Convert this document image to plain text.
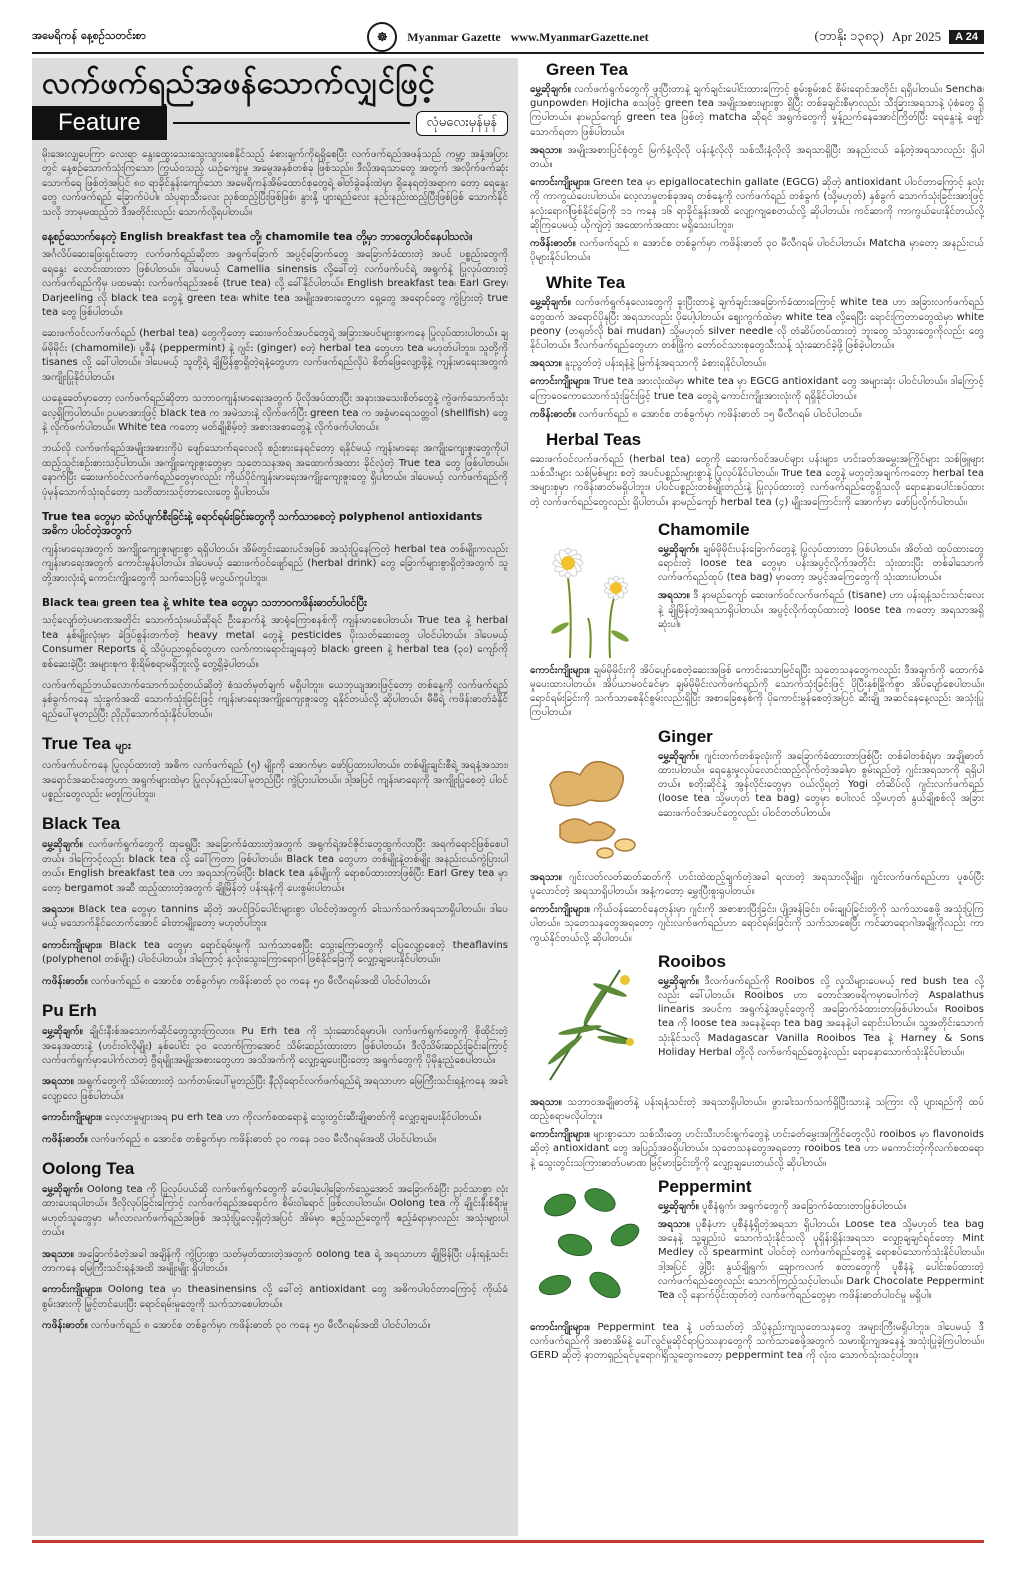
အမေရိကန် နေ့စဉ်သတင်းစာ	☸	Myanmar Gazette www.MyanmarGazette.net	(ဘာနိုး ၁၃၈၃) Apr 2025	A 24
လက်ဖက်ရည်အဖန်သောက်လျှင်ဖြင့်
Feature	လုံမလေးမှန်မှန်

မိုးအေးလျှပေကြာ လေးရာ နွေးထွေးသေးသွေးသွားစေနိုင်သည့် ခံစားချက်ကိုရရှိစေပြီး လက်ဖက်ရည်အဖန်သည် ကမ္ဘာ့ အနှံ့အပြားတွင် နေ့စဉ်သောက်သုံးကြသော ကြွယ်ဝသည့် ယဉ်ကျေးမှု အမွေအနှစ်တစ်ခု ဖြစ်သည်။ ဒီလိုအရသာတွေ အတွက် အလိုက်ဖက်ဆုံး သောက်ရေ ဖြစ်တဲ့အပြင် ၈၀ ရာခိုင်နှုန်းကျော်သော အမေရိကန်အိမ်ထောင်စုတွေရဲ့ ဓါတ်ခွဲခန်းထဲမှာ ရှိနေရတဲ့အရာက တော့ ရေနွေးတွေ လက်ဖက်ရည် ခြောက်ပဲပါ။ သံပုရာသီးလေး ညှစ်ထည့်ပြီးဖြစ်ဖြစ်၊ နွားနို့ ပျားရည်လေး နည်းနည်းထည့်ပြီးဖြစ်ဖြစ် သောက်နိုင်သလို ဘာမှမထည့်ဘဲ ဒီအတိုင်းလည်း သောက်လို့ရပါတယ်။

နေ့စဉ်သောက်နေတဲ့ English breakfast tea တို့၊ chamomile tea တို့မှာ ဘာတွေပါဝင်နေပါသလဲ။

အင်္ဂလိပ်ဆေးဖြေးရှင်းတော့ လက်ဖက်ရည်ဆိုတာ အရွက်ခြောက် အပွင့်ခြောက်တွေ အခြောက်ခံထားတဲ့ အပင် ပစ္စည်းတွေကို ရေနွေး လောင်းထားတာ ဖြစ်ပါတယ်။ ဒါပေမယ့် Camellia sinensis လို့ခေါ်တဲ့ လက်ဖက်ပင်ရဲ့ အရွက်နဲ့ ပြုလုပ်ထားတဲ့ လက်ဖက်ရည်ကိုမှ ပထမဆုံး လက်ဖက်ရည်အစစ် (true tea) လို့ ခေါ်နိုင်ပါတယ်။ English breakfast tea၊ Earl Grey၊ Darjeeling လို black tea တွေနဲ့ green tea၊ white tea အမျိုးအစားတွေဟာ ရှေ့တွေ အရောင်တွေ ကွဲပြားတဲ့ true tea တွေ ဖြစ်ပါတယ်။

ဆေးဖက်ဝင်လက်ဖက်ရည် (herbal tea) တွေကိုတော့ ဆေးဖက်ဝင်အပင်တွေရဲ့ အခြားအပင်များစွာကနေ ပြုလုပ်ထားပါတယ်။ ချမ်မိုမိုင်း (chamomile)၊ ပူစီနံ (peppermint) နဲ့ ဂျင်း (ginger) စတဲ့ herbal tea တွေဟာ tea မဟုတ်ပါဘူး။ သူတို့ကို tisanes လို့ ခေါ်ပါတယ်။ ဒါပေမယ့် သူတို့ရဲ့ ချိုမြိန်စွာရှိတဲ့ရနံ့တွေဟာ လက်ဖက်ရည်လိုပဲ စိတ်ဖြေလျော့ဖို့နဲ့ ကျန်းမာရေးအတွက် အကျိုးပြုနိုင်ပါတယ်။

ယနေ့ခေတ်မှာတော့ လက်ဖက်ရည်ဆိုတာ သဘာဝကျန်းမာရေးအတွက် ပိုလိုအပ်ထားပြီး အနားအသေးစိတ်တွေနဲ့ ကွဲဖက်သောက်သုံးလေ့ရှိကြပါတယ်။ ဥပမာအားဖြင့် black tea က အမဲသားနဲ့ လိုက်ဖက်ပြီး green tea က အခွံမာရေသတ္တဝါ (shellfish) တွေနဲ့ လိုက်ဖက်ပါတယ်။ White tea ကတော့ မတ်ချိုစိမ့်တဲ့ အစားအစာတွေနဲ့ လိုက်ဖက်ပါတယ်။

ဘယ်လို လက်ဖက်ရည်အမျိုးအစားကိုပဲ ဖျော်သောက်ရလေလို စဉ်းစားနေရင်တော့ ရနိုင်မယ့် ကျန်းမာရေး အကျိုးကျေးဇူးတွေကိုပါ ထည့်သွင်းစဉ်းစားသင့်ပါတယ်။ အကျိုးကျေးဇူးတွေမှာ သုတေသနအရ အထောက်အထား ခိုင်လုံတဲ့ True tea တွေ ဖြစ်ပါတယ်။ နောက်ပြီး ဆေးဖက်ဝင်လက်ဖက်ရည်တွေမှာလည်း ကိုယ်ပိုင်ကျန်းမာရေးအကျိုးကျေးဇူးတွေ ရှိပါတယ်။ ဒါပေမယ့် လက်ဖက်ရည်ကို ပုံမှန်သောက်သုံးရင်တော့ သတိထားသင့်တာလေးတွေ ရှိပါတယ်။

True tea တွေမှာ ဆဲလ်ပျက်စီးခြင်းနဲ့ ရောင်ရမ်းခြင်းတွေကို သက်သာစေတဲ့ polyphenol antioxidants အဓိက ပါဝင်တဲ့အတွက်

ကျန်းမာရေးအတွက် အကျိုးကျေးဇူးများစွာ ရရှိပါတယ်။ အိမ်တွင်းဆေးပင်အဖြစ် အသုံးပြုနေကြတဲ့ herbal tea တစ်မျိုးကလည်း ကျန်းမာရေးအတွက် ကောင်းမွန်ပါတယ်။ ဒါပေမယ့် ဆေးဖက်ဝင်ဖျော်ရည် (herbal drink) တွေ ခြောက်များစွာရှိတဲ့အတွက် သူတို့အားလုံးရဲ့ ကောင်းကျိုးတွေကို သက်သေပြဖို့ မလွယ်ကူပါဘူး။

Black tea၊ green tea နဲ့ white tea တွေမှာ သဘာဝကဖိန်းဓာတ်ပါဝင်ပြီး

သင့်လျော်တဲ့ပမာဏအတိုင်း သောက်သုံးမယ်ဆိုရင် ဦးနှောက်နဲ့ အာရုံကြောစနစ်ကို ကျန်းမာစေပါတယ်။ True tea နဲ့ herbal tea နှစ်မျိုးလုံးမှာ ခဲဒြပ်စွန်းတက်တဲ့ heavy metal တွေနဲ့ pesticides ပိုးသတ်ဆေးတွေ ပါဝင်ပါတယ်။ ဒါပေမယ့် Consumer Reports ရဲ့ သိပ္ပံပညာရှင်တွေဟာ လက်ကားရောင်းချနေတဲ့ black၊ green နဲ့ herbal tea (၃၀) ကျော်ကို စစ်ဆေးခဲ့ပြီး အများစုက စိုးရိမ်စရာမရှိဘူးလို့ တွေ့ရှိခဲ့ပါတယ်။

လက်ဖက်ရည်ဘယ်လောက်သောက်သင့်တယ်ဆိုတဲ့ စံသတ်မှတ်ချက် မရှိပါဘူး။ ယေဘုယျအားဖြင့်တော့ တစ်နေ့ကို လက်ဖက်ရည် နှစ်ခွက်ကနေ သုံးခွက်အထိ သောက်သုံးခြင်းဖြင့် ကျန်းမာရေးအကျိုးကျေးဇူးတွေ ရနိုင်တယ်လို့ ဆိုပါတယ်။ မီမီရဲ့ ကဖိန်းဓာတ်ခံနိုင်ရည်ပေါ်မူတည်ပြီး ညှိညှိသောက်သုံးနိုင်ပါတယ်။

True Tea များ

လက်ဖက်ပင်ကနေ ပြုလုပ်ထားတဲ့ အဓိက လက်ဖက်ရည် (၅) မျိုးကို အောက်မှာ ဖော်ပြထားပါတယ်။ တစ်မျိုးချင်းစီရဲ့ အရနံ့အသား၊ အရောင်အဆင်းတွေဟာ အရွက်များထဲမှာ ပြုလုပ်နည်းပေါ်မူတည်ပြီး ကွဲပြားပါတယ်။ ဒါ့အပြင် ကျန်းမာရေးကို အကျိုးပြုစေတဲ့ ပါဝင်ပစ္စည်းတွေလည်း မတူကြပါဘူး။

Black Tea

မွှေ့ဆိုချက်။ လက်ဖက်ရွက်တွေကို ထုရွေ့ပြီး အခြောက်ခံထားတဲ့အတွက် အရွက်ရဲ့အင်ဇိုင်းတွေထွက်လာပြီး အရက်ရောင်ဖြစ်စေပါတယ်။ ဒါကြောင့်လည်း black tea လို့ ခေါ်ကြတာ ဖြစ်ပါတယ်။ Black tea တွေဟာ တစ်မျိုးနဲ့တစ်မျိုး အနည်းငယ်ကွဲပြားပါတယ်။ English breakfast tea ဟာ အရသာကြမ်းပြီး black tea နှစ်မျိုးကို ရောစပ်ထားတာဖြစ်ပြီး Earl Grey tea မှာတော့ bergamot အဆီ ထည့်ထားတဲ့အတွက် ချိုမြိန်တဲ့ ပန်းရနံ့ကို ပေးစွမ်းပါတယ်။

အရသာ။ Black tea တွေမှာ tannins ဆိုတဲ့ အပင်ဒြပ်ပေါင်းများစွာ ပါဝင်တဲ့အတွက် ခါးသက်သက်အရသာရှိပါတယ်။ ဒါပေမယ့် မသောက်နိုင်လောက်အောင် ခါးတာမျိုးတော့ မဟုတ်ပါဘူး။

ကောင်းကျိုးများ။ Black tea တွေမှာ ရောင်ရမ်းမှုကို သက်သာစေပြီး သွေးကြောတွေကို ပြေလျော့စေတဲ့ theaflavins (polyphenol တစ်မျိုး) ပါဝင်ပါတယ်။ ဒါကြောင့် နှလုံးသွေးကြောရောဂါ ဖြစ်နိုင်ခြေကို လျှော့ချပေးနိုင်ပါတယ်။

ကဖိန်းဓာတ်။ လက်ဖက်ရည် ၈ အောင်စ တစ်ခွက်မှာ ကဖိန်းဓာတ် ၃၀ ကနေ ၅၀ မီလီဂရမ်အထိ ပါဝင်ပါတယ်။

Pu Erh

မွှေ့ဆိုချက်။ ချိုင်းနီးစ်အသောက်ဆိုင်တွေသွားကြလား။ Pu Erh tea ကို သုံးဆောင်ရမှာပါ။ လက်ဖက်ရွက်တွေကို စိုထိုင်းတဲ့အနေအထားနဲ့ (ဟင်းဝါလိုမျိုး) နှစ်ပေါင်း ၃၀ လောက်ကြာအောင် သိမ်းဆည်းထားတာ ဖြစ်ပါတယ်။ ဒီလိုသိမ်းဆည်းခြင်းကြောင့် လက်ဖက်ရွက်မှာပေါက်လာတဲ့ ဗွီရမျိုးအမျိုးအစားတွေဟာ အသိအက်ကို လျှော့ချပေးပြီးတော့ အရွက်တွေကို ပိုမိုနူးညံ့စေပါတယ်။

အရသာ။ အရွက်တွေကို သိမ်းထားတဲ့ သက်တမ်းပေါ်မူတည်ပြီး နီညိုရောင်လက်ဖက်ရည်ရဲ့ အရသာဟာ မြေကြီးသင်းရနံ့ကနေ အခါးလျော့လေ ဖြစ်ပါတယ်။

ကောင်းကျိုးများ။ လေ့လာမှုများအရ pu erh tea ဟာ ကိုလက်စထရောနဲ့ သွေးတွင်းဆီးချိုဓာတ်ကို လျှော့ချပေးနိုင်ပါတယ်။

ကဖိန်းဓာတ်။ လက်ဖက်ရည် ၈ အောင်စ တစ်ခွက်မှာ ကဖိန်းဓာတ် ၃၀ ကနေ ၁၀၀ မီလီဂရမ်အထိ ပါဝင်ပါတယ်။

Oolong Tea

မွှေ့ဆိုချက်။ Oolong tea ကို ပြုလုပ်ပယ်ဆို လက်ဖက်ရွက်တွေကို ခပ်ပေါ့ပေါ့ခြောက်သွေ့အောင် အခြောက်ခံပြီး ညှင်သာစွာ လုံးထားပေးရပါတယ်။ ဒီလိုလုပ်ခြင်းကြောင့် လက်ဖက်ရည်အရောင်က စိမ်းဝါရောင် ဖြစ်လာပါတယ်။ Oolong tea ကို ချိုင်းနီးစ်ရီးမှု မဟုတ်သူတွေမှာ မင်္ဂလာလက်ဖက်ရည်အဖြစ် အသုံးပြုလေ့ရှိတဲ့အပြင် အိမ်မှာ ဧည့်သည်တွေကို ဧည့်ခံရာမှာလည်း အသုံးများပါတယ်။

အရသာ။ အခြောက်ခံတဲ့အခါ အချိန်ကို ကွဲပြားစွာ သတ်မှတ်ထားတဲ့အတွက် oolong tea ရဲ့ အရသာဟာ ချိုမြိန်ပြီး ပန်းရနံ့သင်းတာကနေ မြေကြီးသင်းရနံ့အထိ အမျိုးမျိုး ရှိပါတယ်။

ကောင်းကျိုးများ။ Oolong tea မှာ theasinensins လို့ ခေါ်တဲ့ antioxidant တွေ အဓိကပါဝင်တာကြောင့် ကိုယ်ခံစွမ်းအားကို မြှင့်တင်ပေးပြီး ရောင်ရမ်းမှုတွေကို သက်သာစေပါတယ်။

ကဖိန်းဓာတ်။ လက်ဖက်ရည် ၈ အောင်စ တစ်ခွက်မှာ ကဖိန်းဓာတ် ၃၀ ကနေ ၅၀ မီလီဂရမ်အထိ ပါဝင်ပါတယ်။

Green Tea

မွှေ့ဆိုချက်။ လက်ဖက်ရွက်တွေကို ဖူးပြီးတာနဲ့ ချက်ချင်းပေါင်းထားကြောင့် စွမ်းစွမ်းစင် စိမ်းရောင်အတိုင်း ရရှိပါတယ်။ Sencha၊ gunpowder၊ Hojicha စသဖြင့် green tea အမျိုးအစားများစွာ ရှိပြီး တစ်ခုချင်းစီမှာလည်း သီးခြားအရသာနဲ့ ပုံစံတွေ ရှိကြပါတယ်။ နာမည်ကျော် green tea ဖြစ်တဲ့ matcha ဆိုရင် အရွက်တွေကို မှုန့်ညက်နေအောင်ကြိတ်ပြီး ရေနွေးနဲ့ ဖျော်သောက်ရတာ ဖြစ်ပါတယ်။

အရသာ။ အမျိုးအစားပြင်စုံတွင် မြက်နံ့လိုလို ပန်းနံ့လိုလို သစ်သီးနံ့လိုလို အရသာရှိပြီး အနည်းငယ် ခန့်တဲ့အရသာလည်း ရှိပါတယ်။

ကောင်းကျိုးများ။ Green tea မှာ epigallocatechin gallate (EGCG) ဆိုတဲ့ antioxidant ပါဝင်တာကြောင့် နှလုံးကို ကာကွယ်ပေးပါတယ်။ လေ့လာမှုတစ်ခုအရ တစ်နေ့ကို လက်ဖက်ရည် တစ်ခွက် (သို့မဟုတ်) နှစ်ခွက် သောက်သုံးခြင်းအားဖြင့် နှလုံးရောဂါဖြစ်နိုင်ခြေကို ၁၁ ကနေ ၁၆ ရာခိုင်နှုန်းအထိ လျော့ကျစေတယ်လို့ ဆိုပါတယ်။ ကင်ဆာကို ကာကွယ်ပေးနိုင်တယ်လို့ ဆိုကြပေမယ့် ယိုကျဲတဲ့ အထောက်အထား မရှိသေးပါဘူး။

ကဖိန်းဓာတ်။ လက်ဖက်ရည် ၈ အောင်စ တစ်ခွက်မှာ ကဖိန်းဓာတ် ၃၀ မီလီဂရမ် ပါဝင်ပါတယ်။ Matcha မှာတော့ အနည်းငယ်ပိုများနိုင်ပါတယ်။

White Tea

မွှေ့ဆိုချက်။ လက်ဖက်ရွက်နုလေးတွေကို ခူးပြီးတာနဲ့ ချက်ချင်းအခြောက်ခံထားကြောင့် white tea ဟာ အခြားလက်ဖက်ရည်တွေထက် အရောင်ပိုနုပြီး အရသာလည်း ပိုပေါ့ပါတယ်။ ဈေးကွက်ထဲမှာ white tea လို့ရေပြီး ရောင်းကြတာတွေထဲမှာ white peony (တရုတ်လို bai mudan) သို့မဟုတ် silver needle လို တံဆိပ်တပ်ထားတဲ့ ဘူးတွေ သံသွားတွေကိုလည်း တွေ့နိုင်ပါတယ်။ ဒီလက်ဖက်ရည်တွေဟာ တစ်ဖြိုက တော်ဝင်သားစုတွေသီးသန့် သုံးဆောင်ခဲ့ဖို့ ဖြစ်ခဲ့ပါတယ်။

အရသာ။ နူးညွတ်တဲ့ ပန်းရနံ့နဲ့ မြက်နံ့အရသာကို ခံစားရနိုင်ပါတယ်။

ကောင်းကျိုးများ။ True tea အားလုံးထဲမှာ white tea မှာ EGCG antioxidant တွေ အများဆုံး ပါဝင်ပါတယ်။ ဒါကြောင့် ကြောဝေကောသောက်သုံးခြင်းဖြင့် true tea တွေရဲ့ ကောင်းကျိုးအားလုံးကို ရရှိနိုင်ပါတယ်။

ကဖိန်းဓာတ်။ လက်ဖက်ရည် ၈ အောင်စ တစ်ခွက်မှာ ကဖိန်းဓာတ် ၁၅ မီလီဂရမ် ပါဝင်ပါတယ်။

Herbal Teas

ဆေးဖက်ဝင်လက်ဖက်ရည် (herbal tea) တွေကို ဆေးဖက်ဝင်အပင်များ ပန်းများ၊ ဟင်းခတ်အမွှေးအကြိုင်များ သစ်ဖြူများ သစ်သီးများ သစ်မြစ်များ စတဲ့ အပင်ပစ္စည်းများစွာနဲ့ ပြုလုပ်နိုင်ပါတယ်။ True tea တွေနဲ့ မတူတဲ့အချက်ကတော့ herbal tea အများစုမှာ ကဖိန်းဓာတ်မရှိပါဘူး။ ပါဝင်ပစ္စည်းတစ်မျိုးတည်းနဲ့ ပြုလုပ်ထားတဲ့ လက်ဖက်ရည်တွေရှိသလို ရောနှောပေါင်းစပ်ထားတဲ့ လက်ဖက်ရည်တွေလည်း ရှိပါတယ်။ နာမည်ကျော် herbal tea (၄) မျိုးအကြောင်းကို အောက်မှာ ဖော်ပြလိုက်ပါတယ်။

Chamomile

မွှေ့ဆိုချက်။ ချမ်မိုမိုင်းပန်းခြောက်တွေနဲ့ ပြုလုပ်ထားတာ ဖြစ်ပါတယ်။ အိတ်ထဲ ထုပ်ထားတွေရောင်းတဲ့ loose tea တွေမှာ ပန်းအပွင့်လိုက်အတိုင်း သုံးထားပြီး တစ်ခါသောက်လက်ဖက်ရည်ထုပ် (tea bag) မှာတော့ အပွင့်အကြေတွေကို သုံးထားပါတယ်။

အရသာ။ ဒီ နာမည်ကျော် ဆေးဖက်ဝင်လက်ဖက်ရည် (tisane) ဟာ ပန်းရနံ့သင်းသင်းလေးနဲ့ ချိုမြိန်တဲ့အရသာရှိပါတယ်။ အပွင့်လိုက်ထုပ်ထားတဲ့ loose tea ကတော့ အရသာအရှိဆုံးပါ။

ကောင်းကျိုးများ။ ချမ်မိုမိုင်းကို အိပ်ပျော်စေတဲ့ဆေးအဖြစ် ကောင်းသောမြင်ရပြီး သုတေသနတွေကလည်း ဒီအချက်ကို ထောက်ခံမှုပေးထားပါတယ်။ အိပ်ယာမဝင်ခင်မှာ ချမ်မိုမိုင်းလက်ဖက်ရည်ကို သောက်သုံးခြင်းဖြင့် ပိုပြီးနှစ်ခြိုက်စွာ အိပ်ပျော်စေပါတယ်။ ရောင်ရမ်းခြင်းကို သက်သာစေနိုင်စွမ်းလည်းရှိပြီး အစာခြေစနစ်ကို ပိုကောင်းမွန်စေတဲ့အပြင် ဆီးချို အဆင်နေနေ့လည်း အသုံးပြုကြပါတယ်။

Ginger

မွှေ့ဆိုချက်။ ဂျင်းတက်တစ်ခုလုံးကို အခြောက်ခံထားတာဖြစ်ပြီး တစ်ခါတစ်ရံမှာ အချိုဓာတ်ထားပါတယ်။ ရေနွေးမှုလုပ်လောင်းထည့်လိုက်တဲ့အခါမှာ စွမ်းရည်တဲ့ ဂျင်းအရသာကို ရရှိပါတယ်။ စတိုးဆိုင်နဲ့ အွန်လိုင်းတွေမှာ ဝယ်လို့ရတဲ့ Yogi တံဆိပ်လို ဂျင်းလက်ဖက်ရည် (loose tea သို့မဟုတ် tea bag) တွေမှာ စပါးလင် သို့မဟုတ် နွယ်ချိုစစ်လို အခြားဆေးဖက်ဝင်အပင်တွေလည်း ပါဝင်တတ်ပါတယ်။

အရသာ။ ဂျင်းလတ်လတ်ဆတ်ဆတ်ကို ဟင်းထဲထည့်ချက်တဲ့အခါ ရလာတဲ့ အရသာလိုမျိုး၊ ဂျင်းလက်ဖက်ရည်ဟာ ပူစပ်ပြီး ပူလောင်တဲ့ အရသာရှိပါတယ်။ အနံ့ကတော့ မွှေးပြီးစူးရှပါတယ်။

ကောင်းကျိုးများ။ ကိုယ်ဝန်ဆောင်နေတုန်းမှာ ဂျင်းကို အစာစားပြီးခြင်း၊ ပျို့အန်ခြင်း၊ ဝမ်းချုပ်ခြင်းတို့ကို သက်သာစေဖို့ အသုံးပြုကြပါတယ်။ သုတေသနတွေအရတော့ ဂျင်းလက်ဖက်ရည်ဟာ ရောင်ရမ်းခြင်းကို သက်သာစေပြီး ကင်ဆာရောဂါအချို့ကိုလည်း ကာကွယ်နိုင်တယ်လို့ ဆိုပါတယ်။

Rooibos

မွှေ့ဆိုချက်။ ဒီလက်ဖက်ရည်ကို Rooibos လို့ လူသိများပေမယ့် red bush tea လို့လည်း ခေါ်ပါတယ်။ Rooibos ဟာ တောင်အာဖရိကမှာပေါက်တဲ့ Aspalathus linearis အပင်က အရွက်နဲ့အပွင့်တွေကို အခြောက်ခံထားတာဖြစ်ပါတယ်။ Rooibos tea ကို loose tea အနေနဲ့ရော tea bag အနေနဲ့ပါ ရောင်းပါတယ်။ သူ့အတိုင်းသောက်သုံးနိုင်သလို Madagascar Vanilla Rooibos Tea နဲ့ Harney & Sons Holiday Herbal တို့လို လက်ဖက်ရည်တွေနဲ့လည်း ရောနှောသောက်သုံးနိုင်ပါတယ်။

အရသာ။ သဘာဝအချိုဓာတ်နဲ့ ပန်းရနံ့သင်းတဲ့ အရသာရှိပါတယ်။ ဖွားခါးသက်သက်ရှိပြီးသားနဲ့ သကြား လို ပျားရည်ကို ထပ်ထည့်စရာမလိုပါဘူး။

ကောင်းကျိုးများ။ များစွာသော သစ်သီးတွေ ဟင်းသီးဟင်းရွက်တွေနဲ့ ဟင်းခတ်မွှေးအကြိုင်တွေလိုပဲ rooibos မှာ flavonoids ဆိုတဲ့ antioxidant တွေ အပြည့်အဝရှိပါတယ်။ သုတေသနတွေအရတော့ rooibos tea ဟာ မကောင်းတဲ့ကိုလက်စထရောနဲ့ သွေးတွင်းသကြားဓာတ်ပမာဏ မြင့်မားခြင်းတို့ကို လျှော့ချပေးတယ်လို့ ဆိုပါတယ်။

Peppermint

မွှေ့ဆိုချက်။ ပူစီနံရွက်၊ အရွက်တွေကို အခြောက်ခံထားတာဖြစ်ပါတယ်။

အရသာ။ ပူစီနံဟာ ပူစီနံနံ့ရှိတဲ့အရသာ ရှိပါတယ်။ Loose tea သို့မဟုတ် tea bag အနေနဲ့ သူ့ချည်းပဲ သောက်သုံးနိုင်သလို ပူရှိန်းရှိန်းအရသာ လျှော့ချချင်ရင်တော့ Mint Medley လို spearmint ပါဝင်တဲ့ လက်ဖက်ရည်တွေနဲ့ ရောစပ်သောက်သုံးနိုင်ပါတယ်။ ဒါ့အပြင် ဖွဲ့ပြီး နွယ်ချိုရွက်၊ ချောကလက် စတာတွေကို ပူစီနံနဲ့ ပေါင်းစပ်ထားတဲ့ လက်ဖက်ရည်တွေလည်း သောက်ကြည့်သင့်ပါတယ်။ Dark Chocolate Peppermint Tea လို နောက်ပိုင်းထုတ်တဲ့ လက်ဖက်ရည်တွေမှာ ကဖိန်းဓာတ်ပါဝင်မှု မရှိပါ။

ကောင်းကျိုးများ။ Peppermint tea နဲ့ ပတ်သတ်တဲ့ သိပ္ပံနည်းကျသုတေသနတွေ အများကြီးမရှိပါဘူး။ ဒါပေမယ့် ဒီလက်ဖက်ရည်ကို အစာအိမ်နဲ့ ပေါ်လွင်မှုဆိုင်ရာပြဿနာတွေကို သက်သာစေဖို့အတွက် သမားရိုးကျအနေနဲ့ အသုံးပြုခဲ့ကြပါတယ်။ GERD ဆိုတဲ့ နာတာရှည်ရင်ပူရောဂါရှိသူတွေကတော့ peppermint tea ကို လုံးဝ သောက်သုံးသင့်ပါဘူး။
